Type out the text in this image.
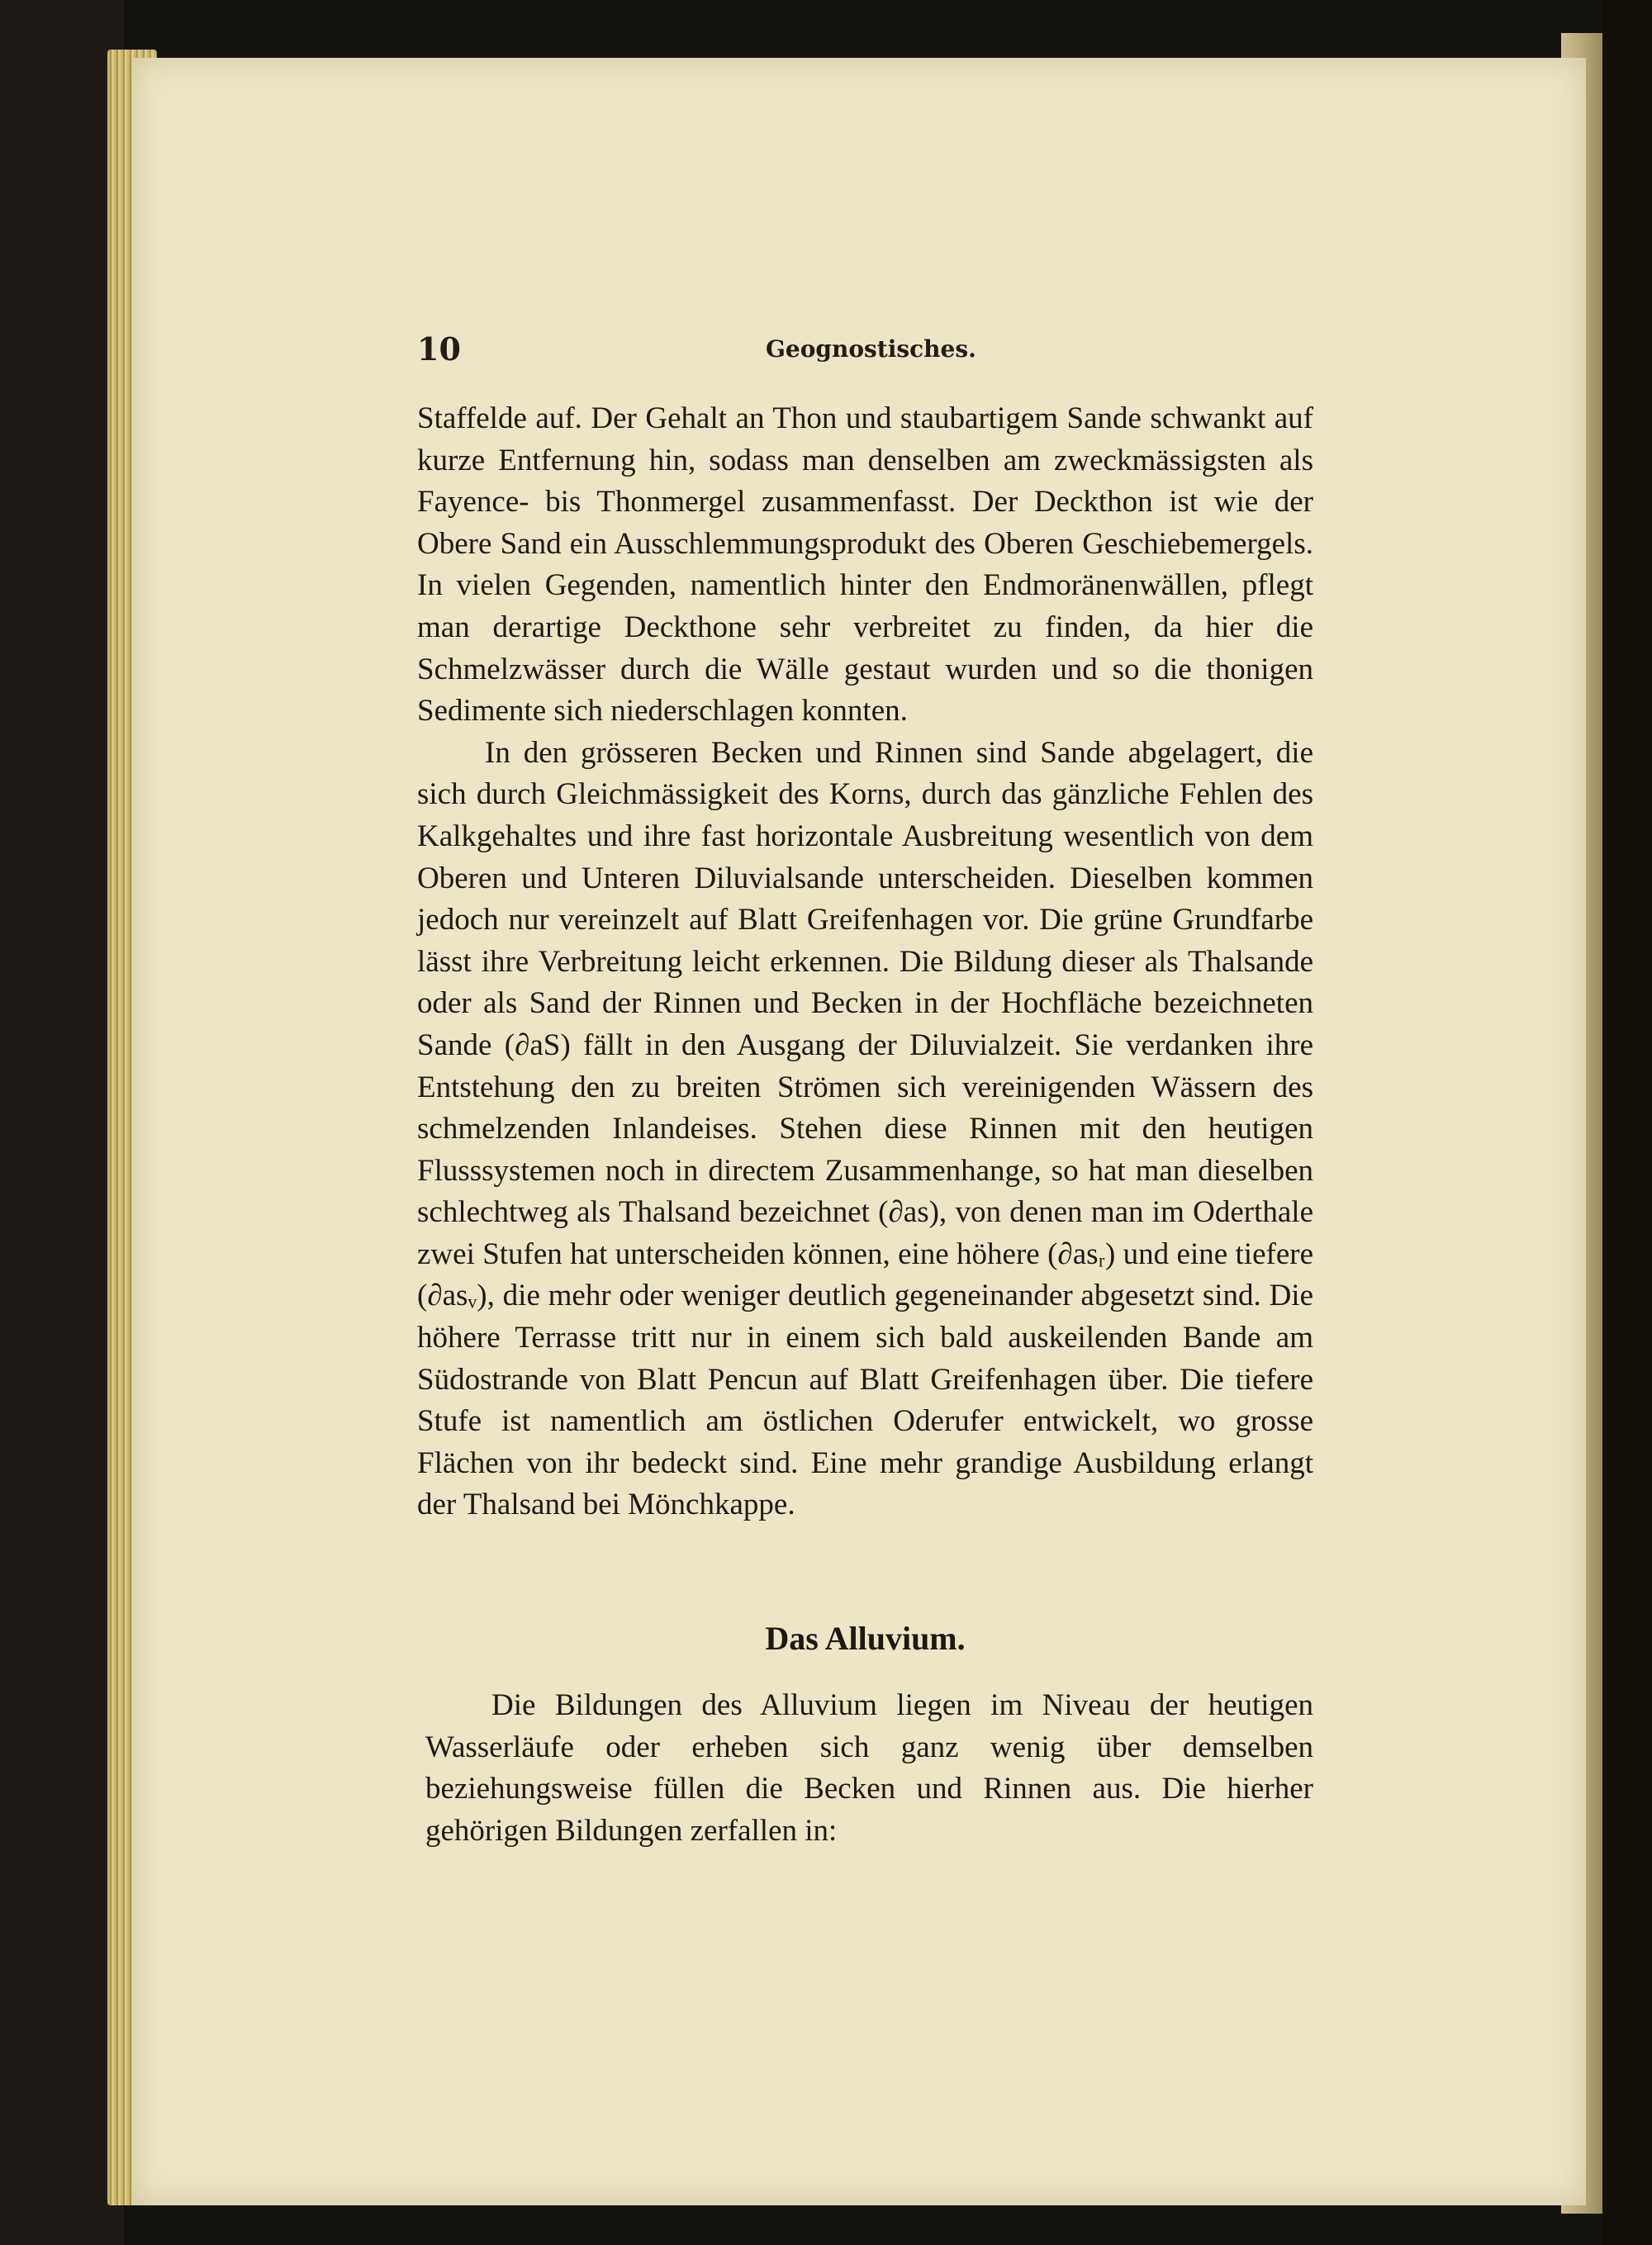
10	Geognostisches.

Staffelde auf. Der Gehalt an Thon und staubartigem Sande schwankt auf kurze Entfernung hin, sodass man denselben am zweckmässigsten als Fayence- bis Thonmergel zusammenfasst. Der Deckthon ist wie der Obere Sand ein Ausschlemmungsprodukt des Oberen Geschiebemergels. In vielen Gegenden, namentlich hinter den Endmoränenwällen, pflegt man derartige Deckthone sehr verbreitet zu finden, da hier die Schmelzwässer durch die Wälle gestaut wurden und so die thonigen Sedimente sich niederschlagen konnten.

In den grösseren Becken und Rinnen sind Sande abgelagert, die sich durch Gleichmässigkeit des Korns, durch das gänzliche Fehlen des Kalkgehaltes und ihre fast horizontale Ausbreitung wesentlich von dem Oberen und Unteren Diluvialsande unterscheiden. Dieselben kommen jedoch nur vereinzelt auf Blatt Greifenhagen vor. Die grüne Grundfarbe lässt ihre Verbreitung leicht erkennen. Die Bildung dieser als Thalsande oder als Sand der Rinnen und Becken in der Hochfläche bezeichneten Sande (∂aS) fällt in den Ausgang der Diluvialzeit. Sie verdanken ihre Entstehung den zu breiten Strömen sich vereinigenden Wässern des schmelzenden Inlandeises. Stehen diese Rinnen mit den heutigen Flusssystemen noch in directem Zusammenhange, so hat man dieselben schlechtweg als Thalsand bezeichnet (∂as), von denen man im Oderthale zwei Stufen hat unterscheiden können, eine höhere (∂asᵣ) und eine tiefere (∂asᵥ), die mehr oder weniger deutlich gegeneinander abgesetzt sind. Die höhere Terrasse tritt nur in einem sich bald auskeilenden Bande am Südostrande von Blatt Pencun auf Blatt Greifenhagen über. Die tiefere Stufe ist namentlich am östlichen Oderufer entwickelt, wo grosse Flächen von ihr bedeckt sind. Eine mehr grandige Ausbildung erlangt der Thalsand bei Mönchkappe.

Das Alluvium.

Die Bildungen des Alluvium liegen im Niveau der heutigen Wasserläufe oder erheben sich ganz wenig über demselben beziehungsweise füllen die Becken und Rinnen aus. Die hierher gehörigen Bildungen zerfallen in:
